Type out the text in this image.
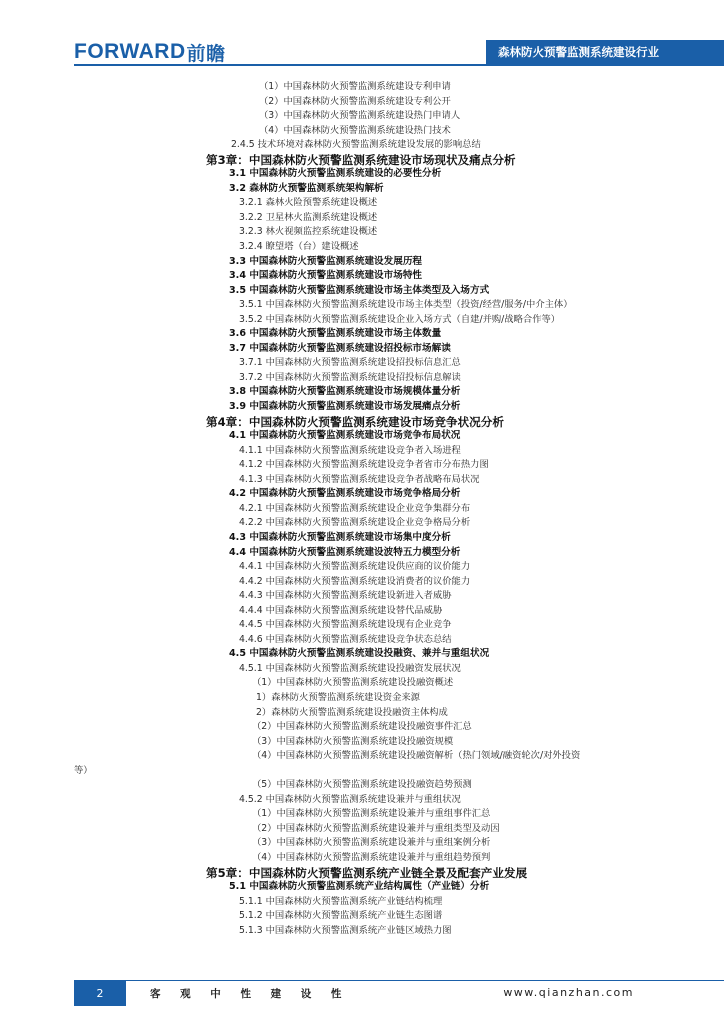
FORWARD 前瞻	森林防火预警监测系统建设行业
（1）中国森林防火预警监测系统建设专利申请
（2）中国森林防火预警监测系统建设专利公开
（3）中国森林防火预警监测系统建设热门申请人
（4）中国森林防火预警监测系统建设热门技术
2.4.5 技术环境对森林防火预警监测系统建设发展的影响总结
第3章：中国森林防火预警监测系统建设市场现状及痛点分析
3.1 中国森林防火预警监测系统建设的必要性分析
3.2 森林防火预警监测系统架构解析
3.2.1 森林火险预警系统建设概述
3.2.2 卫星林火监测系统建设概述
3.2.3 林火视频监控系统建设概述
3.2.4 瞭望塔（台）建设概述
3.3 中国森林防火预警监测系统建设发展历程
3.4 中国森林防火预警监测系统建设市场特性
3.5 中国森林防火预警监测系统建设市场主体类型及入场方式
3.5.1 中国森林防火预警监测系统建设市场主体类型（投资/经营/服务/中介主体）
3.5.2 中国森林防火预警监测系统建设企业入场方式（自建/并购/战略合作等）
3.6 中国森林防火预警监测系统建设市场主体数量
3.7 中国森林防火预警监测系统建设招投标市场解读
3.7.1 中国森林防火预警监测系统建设招投标信息汇总
3.7.2 中国森林防火预警监测系统建设招投标信息解读
3.8 中国森林防火预警监测系统建设市场规模体量分析
3.9 中国森林防火预警监测系统建设市场发展痛点分析
第4章：中国森林防火预警监测系统建设市场竞争状况分析
4.1 中国森林防火预警监测系统建设市场竞争布局状况
4.1.1 中国森林防火预警监测系统建设竞争者入场进程
4.1.2 中国森林防火预警监测系统建设竞争者省市分布热力图
4.1.3 中国森林防火预警监测系统建设竞争者战略布局状况
4.2 中国森林防火预警监测系统建设市场竞争格局分析
4.2.1 中国森林防火预警监测系统建设企业竞争集群分布
4.2.2 中国森林防火预警监测系统建设企业竞争格局分析
4.3 中国森林防火预警监测系统建设市场集中度分析
4.4 中国森林防火预警监测系统建设波特五力模型分析
4.4.1 中国森林防火预警监测系统建设供应商的议价能力
4.4.2 中国森林防火预警监测系统建设消费者的议价能力
4.4.3 中国森林防火预警监测系统建设新进入者威胁
4.4.4 中国森林防火预警监测系统建设替代品威胁
4.4.5 中国森林防火预警监测系统建设现有企业竞争
4.4.6 中国森林防火预警监测系统建设竞争状态总结
4.5 中国森林防火预警监测系统建设投融资、兼并与重组状况
4.5.1 中国森林防火预警监测系统建设投融资发展状况
（1）中国森林防火预警监测系统建设投融资概述
1）森林防火预警监测系统建设资金来源
2）森林防火预警监测系统建设投融资主体构成
（2）中国森林防火预警监测系统建设投融资事件汇总
（3）中国森林防火预警监测系统建设投融资规模
（4）中国森林防火预警监测系统建设投融资解析（热门领域/融资轮次/对外投资
等）
（5）中国森林防火预警监测系统建设投融资趋势预测
4.5.2 中国森林防火预警监测系统建设兼并与重组状况
（1）中国森林防火预警监测系统建设兼并与重组事件汇总
（2）中国森林防火预警监测系统建设兼并与重组类型及动因
（3）中国森林防火预警监测系统建设兼并与重组案例分析
（4）中国森林防火预警监测系统建设兼并与重组趋势预判
第5章：中国森林防火预警监测系统产业链全景及配套产业发展
5.1 中国森林防火预警监测系统产业结构属性（产业链）分析
5.1.1 中国森林防火预警监测系统产业链结构梳理
5.1.2 中国森林防火预警监测系统产业链生态图谱
5.1.3 中国森林防火预警监测系统产业链区域热力图
2	客 观 中 性 建 设 性	www.qianzhan.com
